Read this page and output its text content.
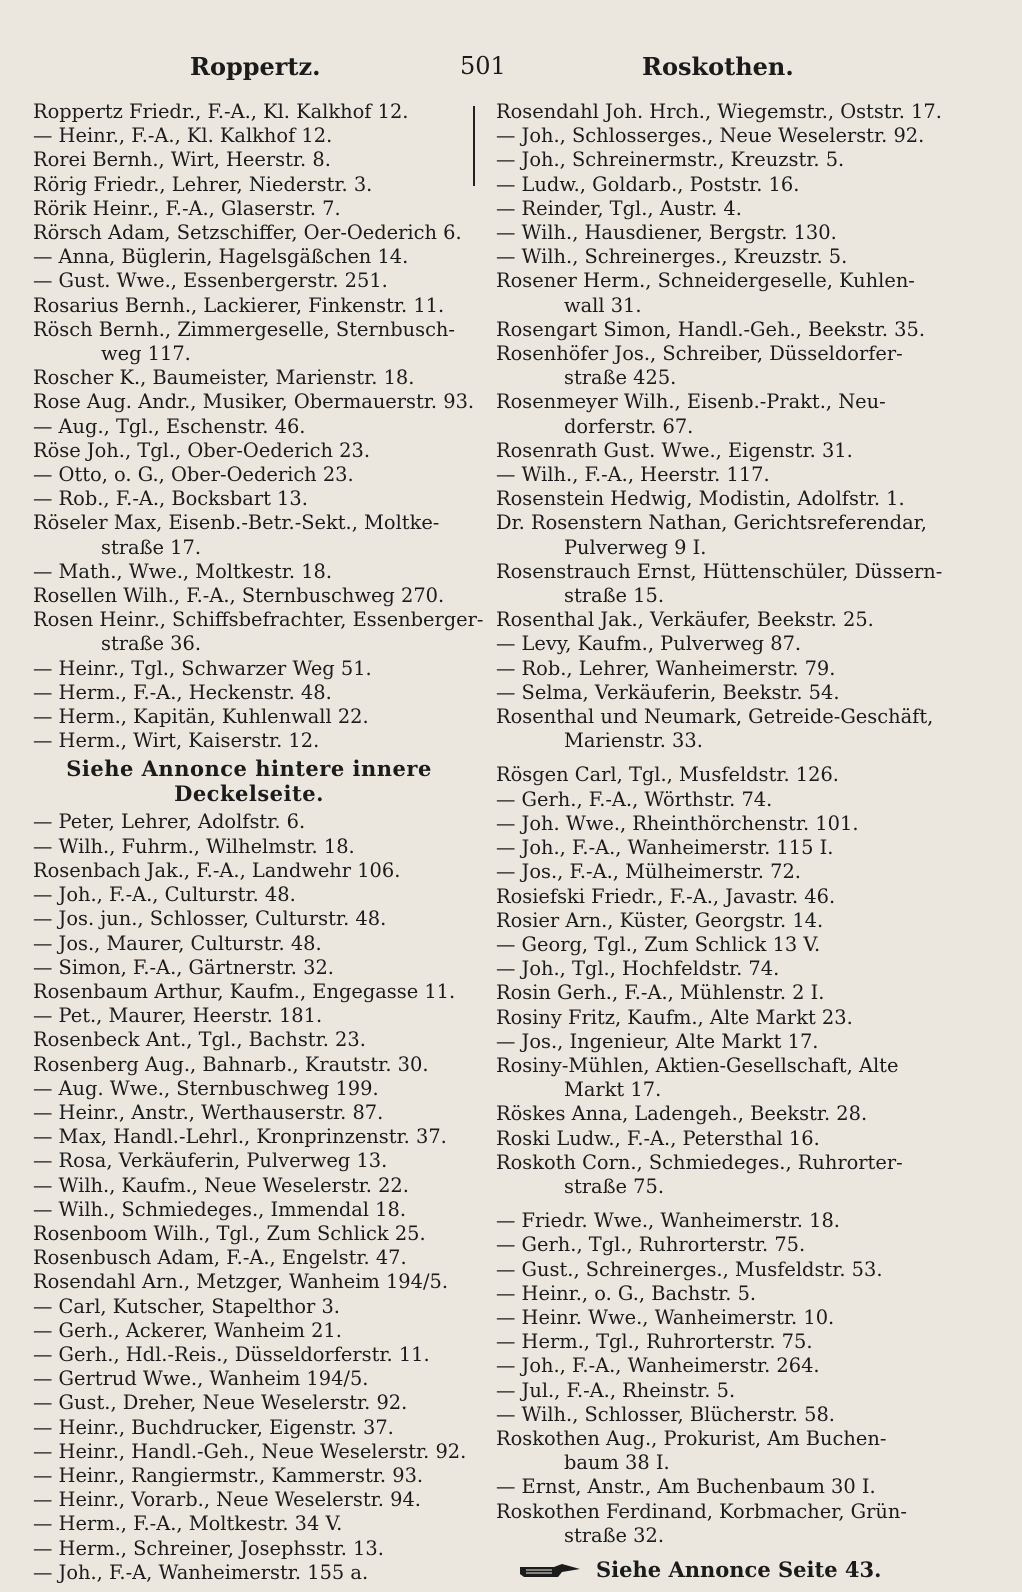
Roppertz.	501	Roskothen.
Roppertz Friedr., F.-A., Kl. Kalkhof 12.
— Heinr., F.-A., Kl. Kalkhof 12.
Rorei Bernh., Wirt, Heerstr. 8.
Rörig Friedr., Lehrer, Niederstr. 3.
Rörik Heinr., F.-A., Glaserstr. 7.
Rörsch Adam, Setzschiffer, Oer-Oederich 6.
— Anna, Büglerin, Hagelsgäßchen 14.
— Gust. Wwe., Essenbergerstr. 251.
Rosarius Bernh., Lackierer, Finkenstr. 11.
Rösch Bernh., Zimmergeselle, Sternbusch-
weg 117.
Roscher K., Baumeister, Marienstr. 18.
Rose Aug. Andr., Musiker, Obermauerstr. 93.
— Aug., Tgl., Eschenstr. 46.
Röse Joh., Tgl., Ober-Oederich 23.
— Otto, o. G., Ober-Oederich 23.
— Rob., F.-A., Bocksbart 13.
Röseler Max, Eisenb.-Betr.-Sekt., Moltke-
straße 17.
— Math., Wwe., Moltkestr. 18.
Rosellen Wilh., F.-A., Sternbuschweg 270.
Rosen Heinr., Schiffsbefrachter, Essenberger-
straße 36.
— Heinr., Tgl., Schwarzer Weg 51.
— Herm., F.-A., Heckenstr. 48.
— Herm., Kapitän, Kuhlenwall 22.
— Herm., Wirt, Kaiserstr. 12.
Siehe Annonce hintere innere
Deckelseite.
— Peter, Lehrer, Adolfstr. 6.
— Wilh., Fuhrm., Wilhelmstr. 18.
Rosenbach Jak., F.-A., Landwehr 106.
— Joh., F.-A., Culturstr. 48.
— Jos. jun., Schlosser, Culturstr. 48.
— Jos., Maurer, Culturstr. 48.
— Simon, F.-A., Gärtnerstr. 32.
Rosenbaum Arthur, Kaufm., Engegasse 11.
— Pet., Maurer, Heerstr. 181.
Rosenbeck Ant., Tgl., Bachstr. 23.
Rosenberg Aug., Bahnarb., Krautstr. 30.
— Aug. Wwe., Sternbuschweg 199.
— Heinr., Anstr., Werthauserstr. 87.
— Max, Handl.-Lehrl., Kronprinzenstr. 37.
— Rosa, Verkäuferin, Pulverweg 13.
— Wilh., Kaufm., Neue Weselerstr. 22.
— Wilh., Schmiedeges., Immendal 18.
Rosenboom Wilh., Tgl., Zum Schlick 25.
Rosenbusch Adam, F.-A., Engelstr. 47.
Rosendahl Arn., Metzger, Wanheim 194/5.
— Carl, Kutscher, Stapelthor 3.
— Gerh., Ackerer, Wanheim 21.
— Gerh., Hdl.-Reis., Düsseldorferstr. 11.
— Gertrud Wwe., Wanheim 194/5.
— Gust., Dreher, Neue Weselerstr. 92.
— Heinr., Buchdrucker, Eigenstr. 37.
— Heinr., Handl.-Geh., Neue Weselerstr. 92.
— Heinr., Rangiermstr., Kammerstr. 93.
— Heinr., Vorarb., Neue Weselerstr. 94.
— Herm., F.-A., Moltkestr. 34 V.
— Herm., Schreiner, Josephsstr. 13.
— Joh., F.-A, Wanheimerstr. 155 a.
Rosendahl Joh. Hrch., Wiegemstr., Oststr. 17.
— Joh., Schlosserges., Neue Weselerstr. 92.
— Joh., Schreinermstr., Kreuzstr. 5.
— Ludw., Goldarb., Poststr. 16.
— Reinder, Tgl., Austr. 4.
— Wilh., Hausdiener, Bergstr. 130.
— Wilh., Schreinerges., Kreuzstr. 5.
Rosener Herm., Schneidergeselle, Kuhlen-
wall 31.
Rosengart Simon, Handl.-Geh., Beekstr. 35.
Rosenhöfer Jos., Schreiber, Düsseldorfer-
straße 425.
Rosenmeyer Wilh., Eisenb.-Prakt., Neu-
dorferstr. 67.
Rosenrath Gust. Wwe., Eigenstr. 31.
— Wilh., F.-A., Heerstr. 117.
Rosenstein Hedwig, Modistin, Adolfstr. 1.
Dr. Rosenstern Nathan, Gerichtsreferendar,
Pulverweg 9 I.
Rosenstrauch Ernst, Hüttenschüler, Düssern-
straße 15.
Rosenthal Jak., Verkäufer, Beekstr. 25.
— Levy, Kaufm., Pulverweg 87.
— Rob., Lehrer, Wanheimerstr. 79.
— Selma, Verkäuferin, Beekstr. 54.
Rosenthal und Neumark, Getreide-Geschäft,
Marienstr. 33.
Rösgen Carl, Tgl., Musfeldstr. 126.
— Gerh., F.-A., Wörthstr. 74.
— Joh. Wwe., Rheinthörchenstr. 101.
— Joh., F.-A., Wanheimerstr. 115 I.
— Jos., F.-A., Mülheimerstr. 72.
Rosiefski Friedr., F.-A., Javastr. 46.
Rosier Arn., Küster, Georgstr. 14.
— Georg, Tgl., Zum Schlick 13 V.
— Joh., Tgl., Hochfeldstr. 74.
Rosin Gerh., F.-A., Mühlenstr. 2 I.
Rosiny Fritz, Kaufm., Alte Markt 23.
— Jos., Ingenieur, Alte Markt 17.
Rosiny-Mühlen, Aktien-Gesellschaft, Alte
Markt 17.
Röskes Anna, Ladengeh., Beekstr. 28.
Roski Ludw., F.-A., Petersthal 16.
Roskoth Corn., Schmiedeges., Ruhrorter-
straße 75.
— Friedr. Wwe., Wanheimerstr. 18.
— Gerh., Tgl., Ruhrorterstr. 75.
— Gust., Schreinerges., Musfeldstr. 53.
— Heinr., o. G., Bachstr. 5.
— Heinr. Wwe., Wanheimerstr. 10.
— Herm., Tgl., Ruhrorterstr. 75.
— Joh., F.-A., Wanheimerstr. 264.
— Jul., F.-A., Rheinstr. 5.
— Wilh., Schlosser, Blücherstr. 58.
Roskothen Aug., Prokurist, Am Buchen-
baum 38 I.
— Ernst, Anstr., Am Buchenbaum 30 I.
Roskothen Ferdinand, Korbmacher, Grün-
straße 32.
Siehe Annonce Seite 43.
